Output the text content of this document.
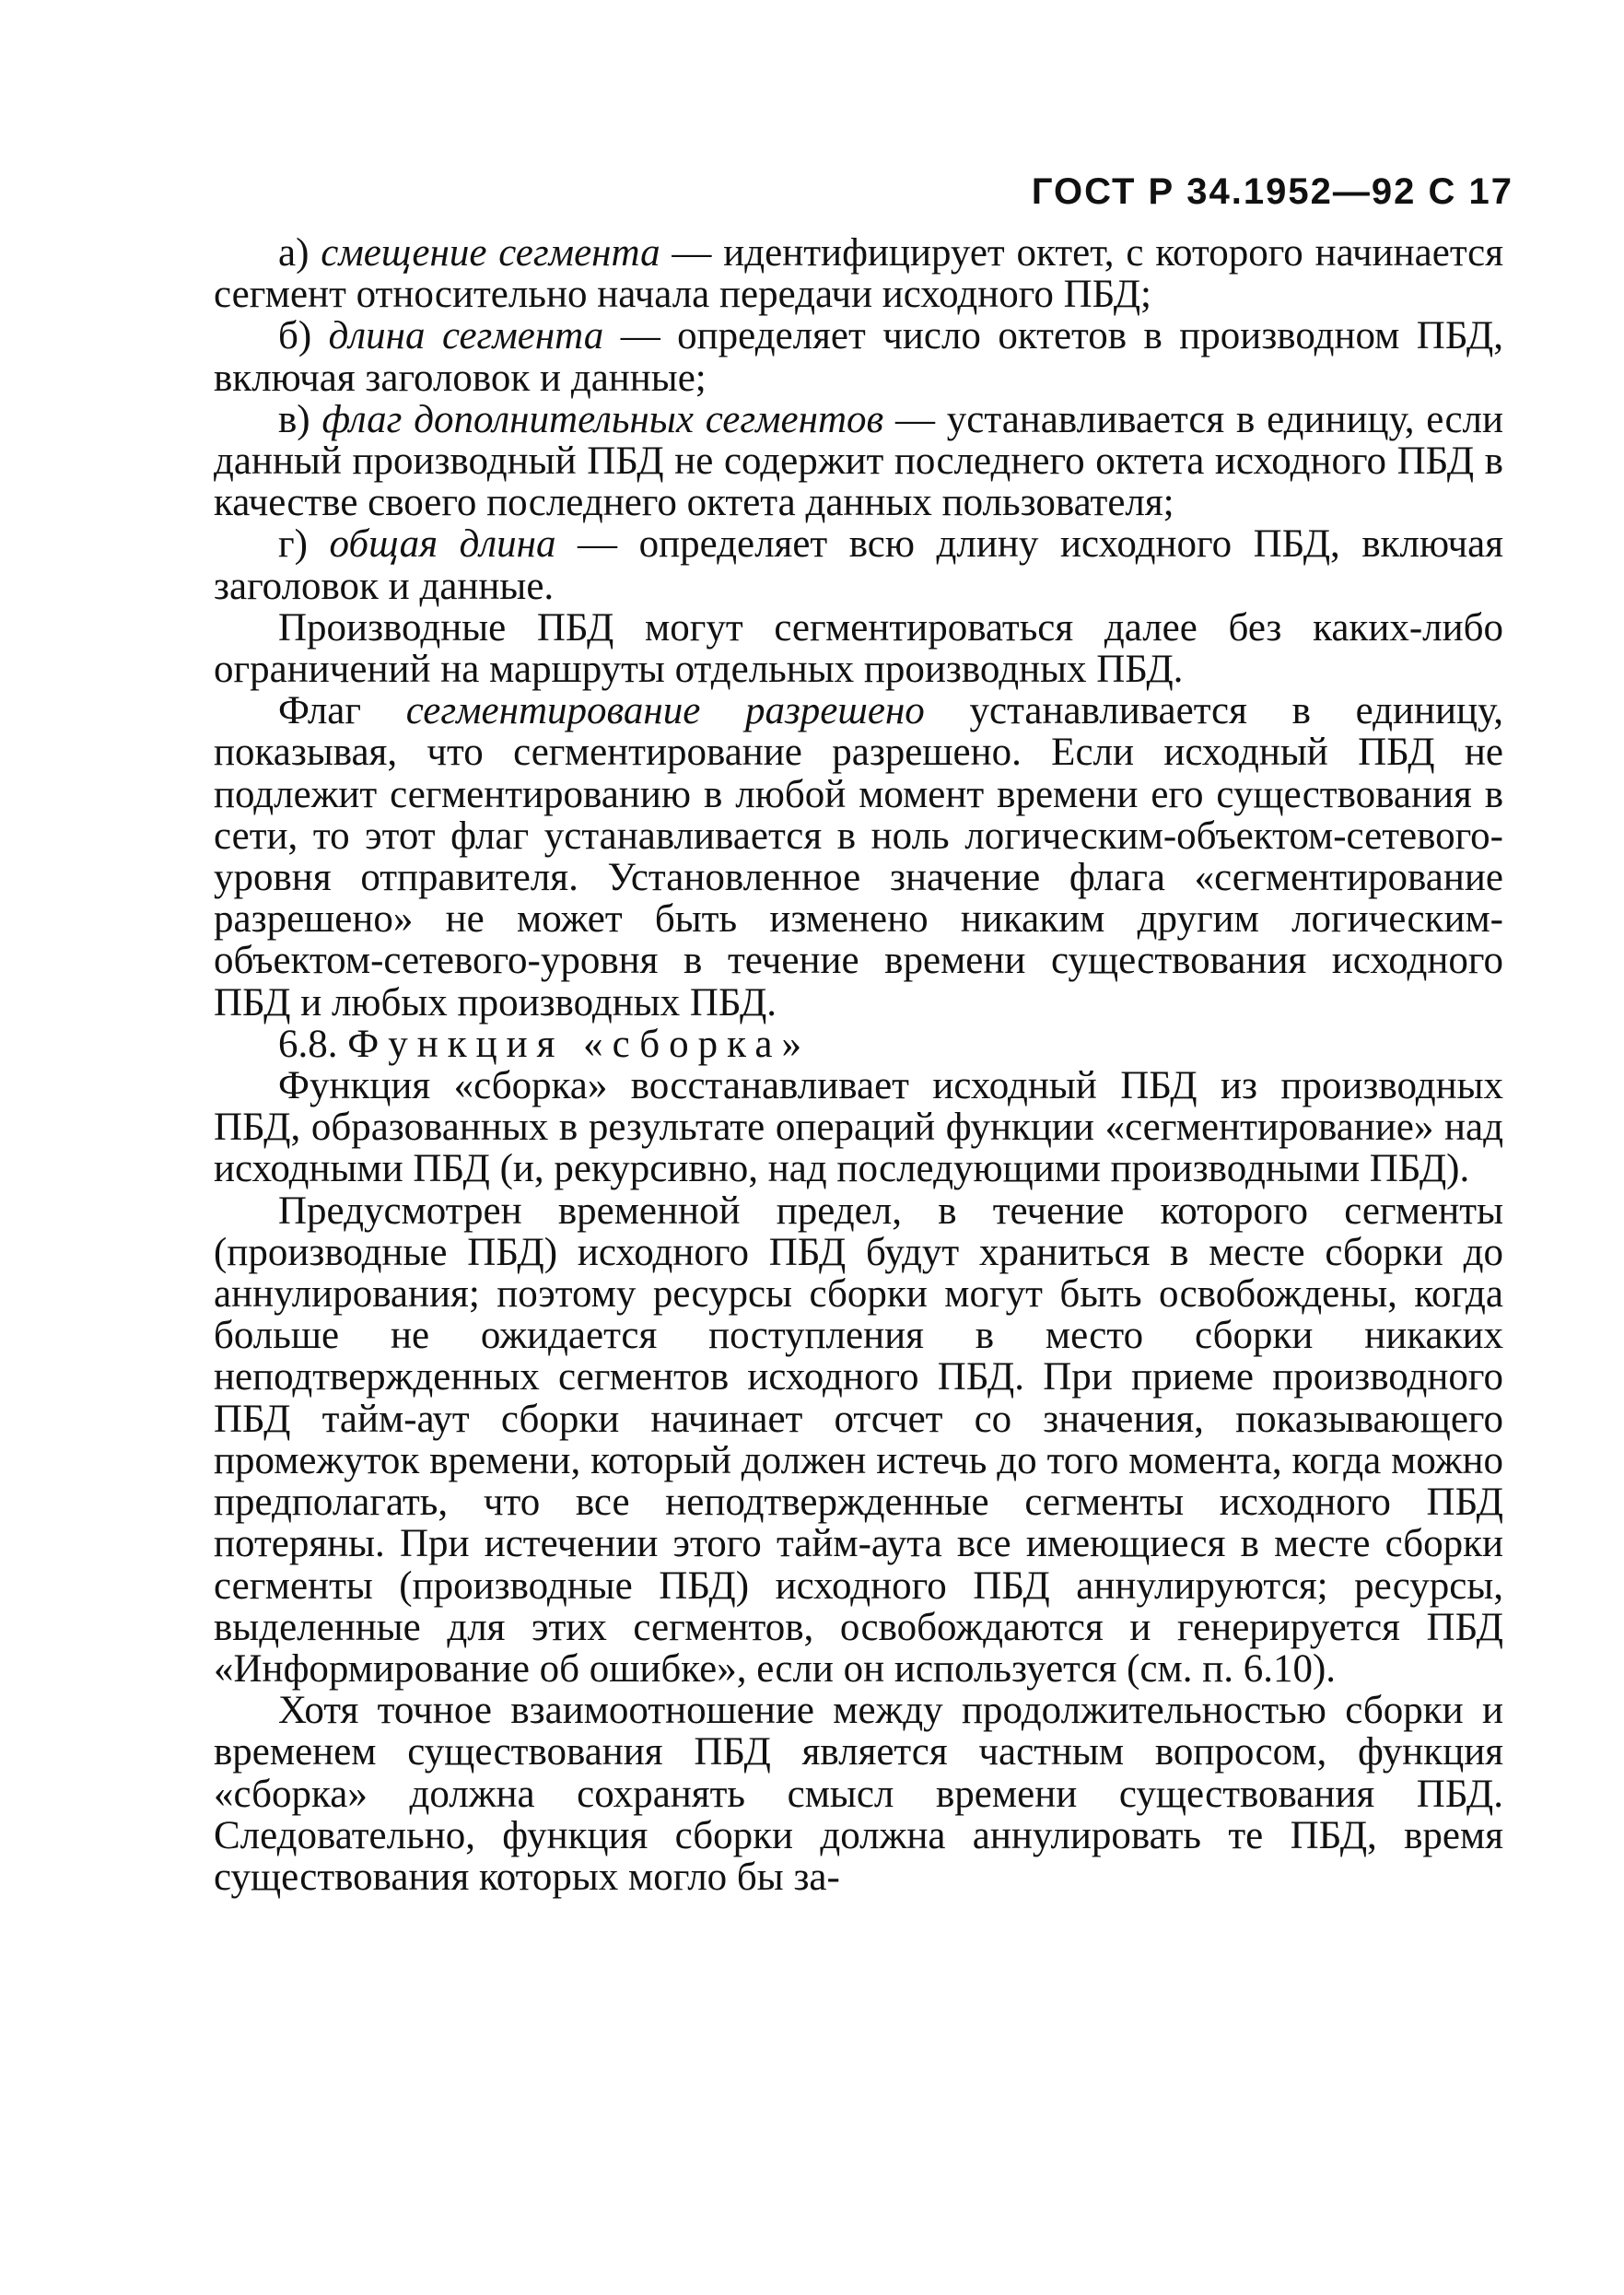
ГОСТ Р 34.1952—92 С 17

а) смещение сегмента — идентифицирует октет, с которого начинается сегмент относительно начала передачи исходного ПБД;

б) длина сегмента — определяет число октетов в производном ПБД, включая заголовок и данные;

в) флаг дополнительных сегментов — устанавливается в единицу, если данный производный ПБД не содержит последнего октета исходного ПБД в качестве своего последнего октета данных пользователя;

г) общая длина — определяет всю длину исходного ПБД, включая заголовок и данные.

Производные ПБД могут сегментироваться далее без каких-либо ограничений на маршруты отдельных производных ПБД.

Флаг сегментирование разрешено устанавливается в единицу, показывая, что сегментирование разрешено. Если исходный ПБД не подлежит сегментированию в любой момент времени его существования в сети, то этот флаг устанавливается в ноль логическим-объектом-сетевого-уровня отправителя. Установленное значение флага «сегментирование разрешено» не может быть изменено никаким другим логическим-объектом-сетевого-уровня в течение времени существования исходного ПБД и любых производных ПБД.

6.8. Функция «сборка»

Функция «сборка» восстанавливает исходный ПБД из производных ПБД, образованных в результате операций функции «сегментирование» над исходными ПБД (и, рекурсивно, над последующими производными ПБД).

Предусмотрен временной предел, в течение которого сегменты (производные ПБД) исходного ПБД будут храниться в месте сборки до аннулирования; поэтому ресурсы сборки могут быть освобождены, когда больше не ожидается поступления в место сборки никаких неподтвержденных сегментов исходного ПБД. При приеме производного ПБД тайм-аут сборки начинает отсчет со значения, показывающего промежуток времени, который должен истечь до того момента, когда можно предполагать, что все неподтвержденные сегменты исходного ПБД потеряны. При истечении этого тайм-аута все имеющиеся в месте сборки сегменты (производные ПБД) исходного ПБД аннулируются; ресурсы, выделенные для этих сегментов, освобождаются и генерируется ПБД «Информирование об ошибке», если он используется (см. п. 6.10).

Хотя точное взаимоотношение между продолжительностью сборки и временем существования ПБД является частным вопросом, функция «сборка» должна сохранять смысл времени существования ПБД. Следовательно, функция сборки должна аннулировать те ПБД, время существования которых могло бы за-
